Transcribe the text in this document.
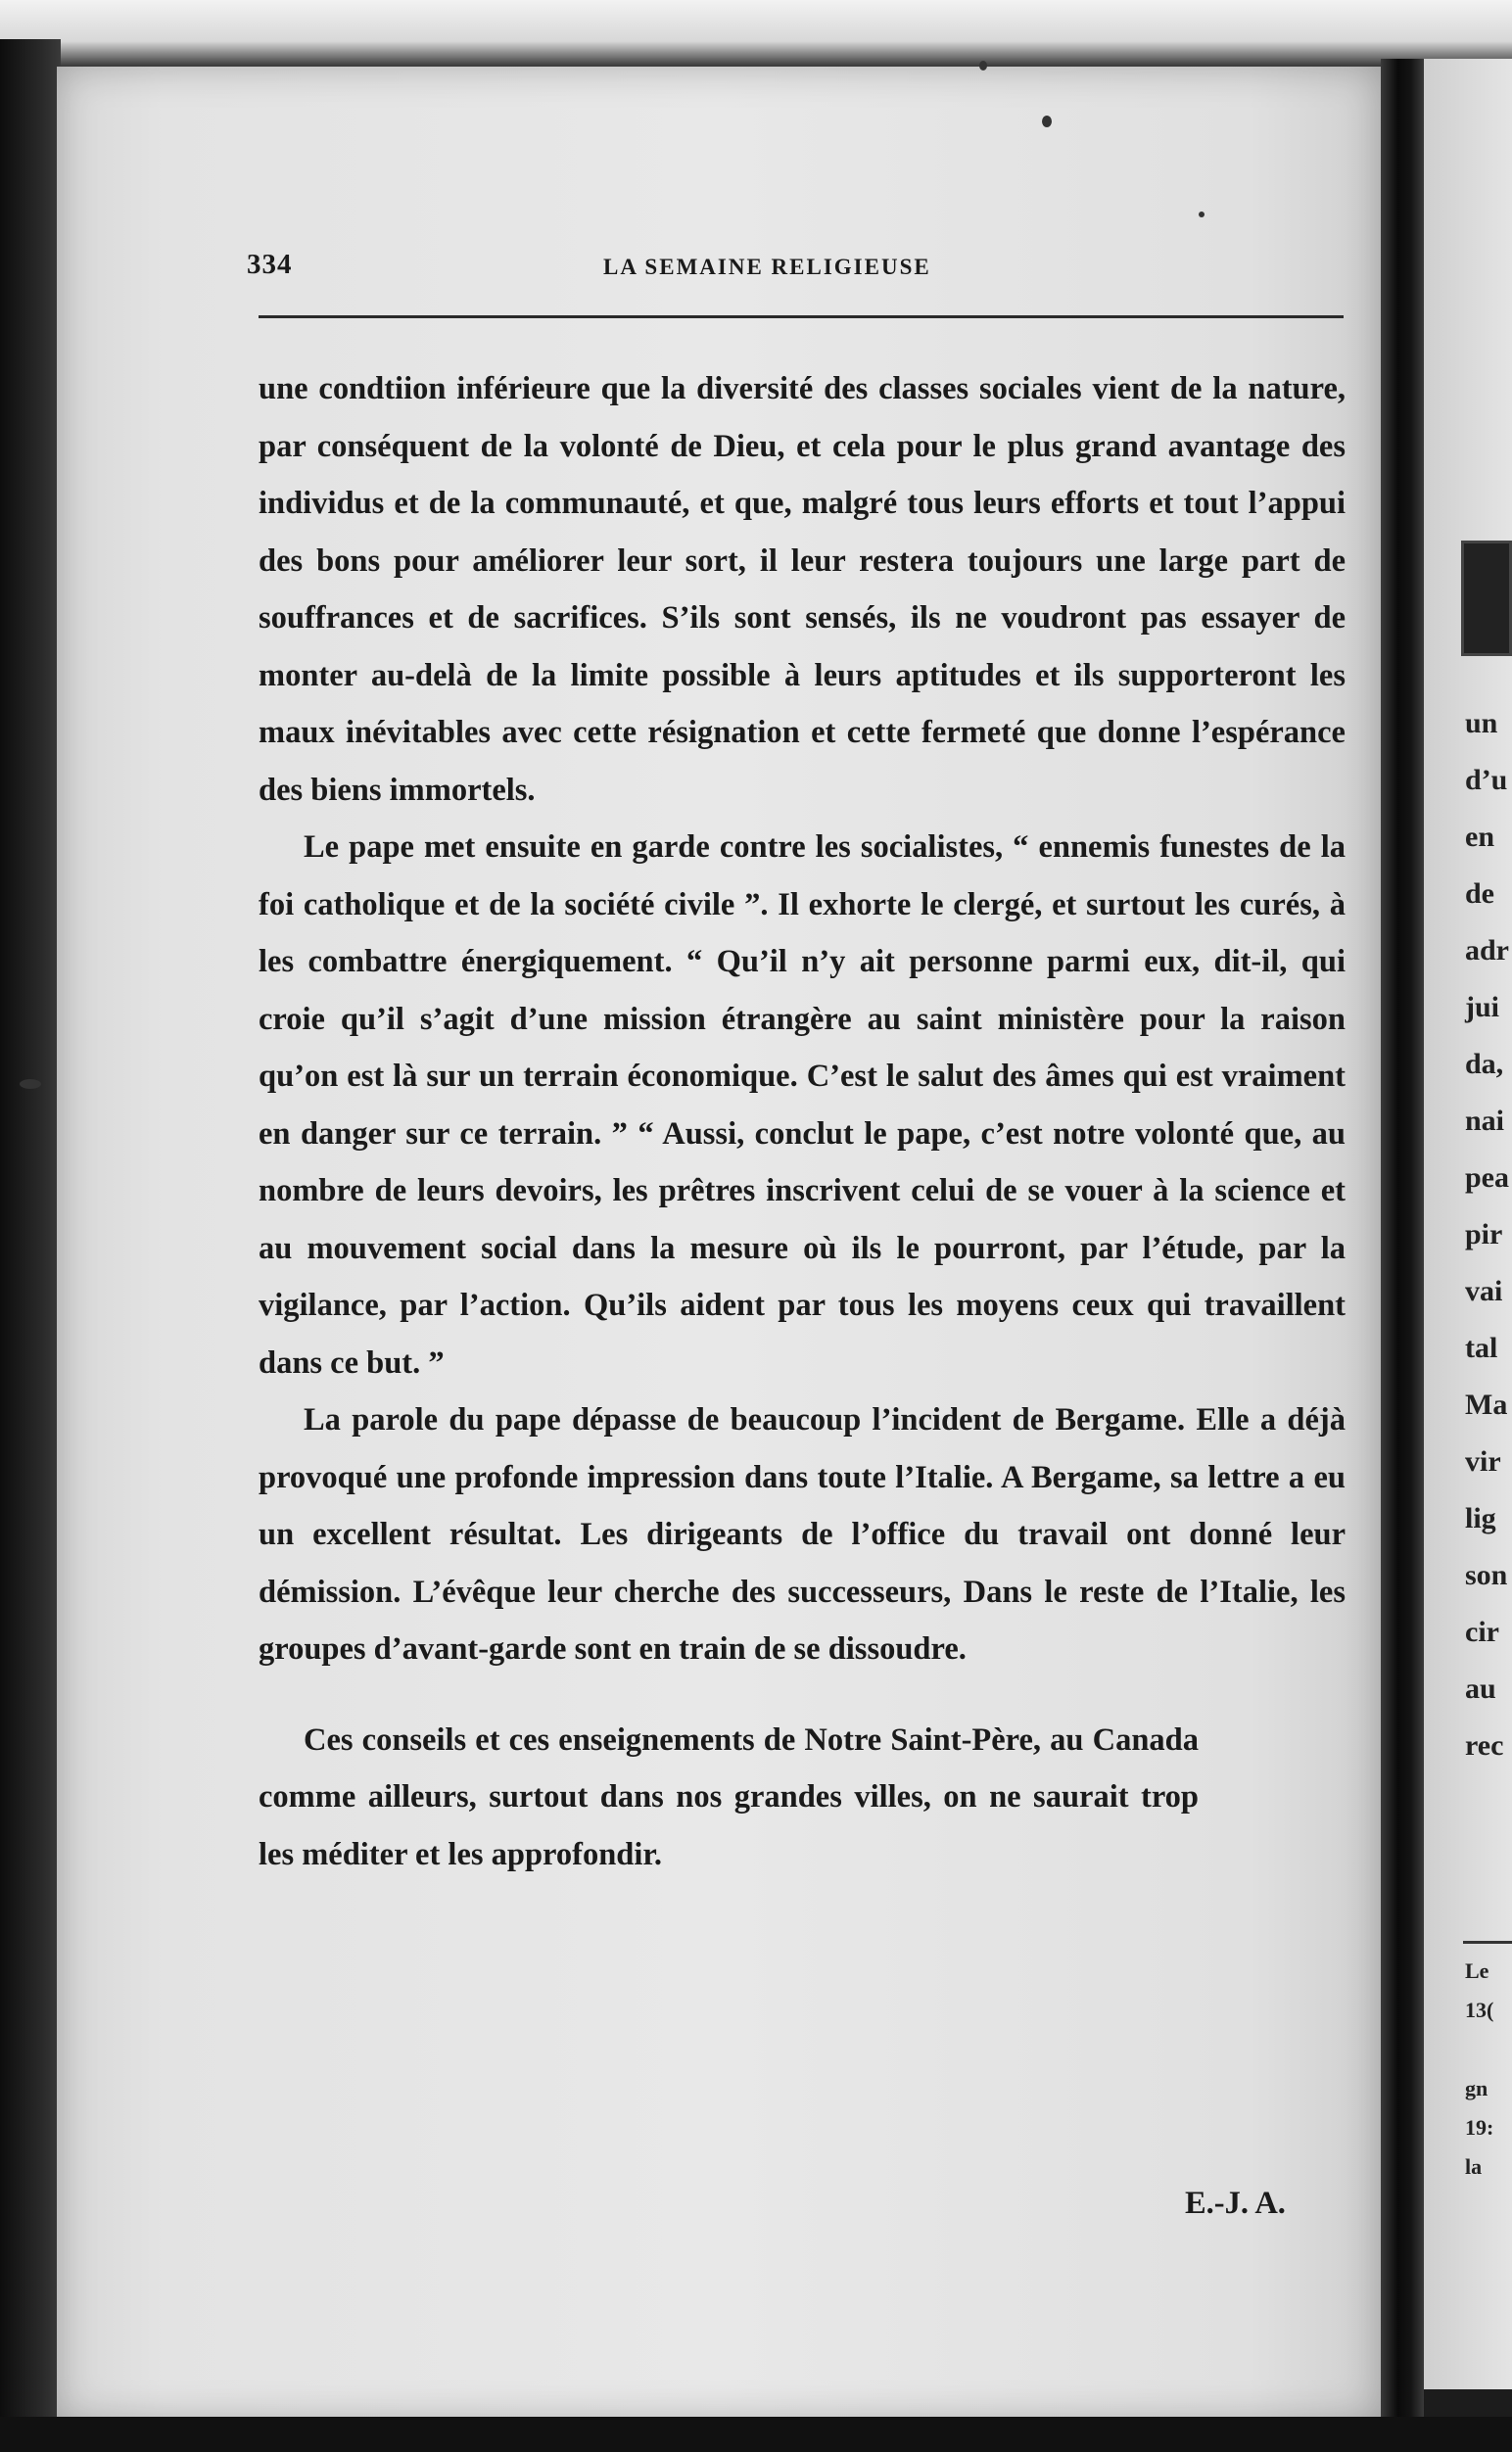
334	LA SEMAINE RELIGIEUSE

une condtiion inférieure que la diversité des classes sociales vient de la nature, par conséquent de la volonté de Dieu, et cela pour le plus grand avantage des individus et de la communauté, et que, malgré tous leurs efforts et tout l’appui des bons pour améliorer leur sort, il leur restera toujours une large part de souffrances et de sacrifices. S’ils sont sensés, ils ne voudront pas essayer de monter au-delà de la limite possible à leurs aptitudes et ils supporteront les maux inévitables avec cette résignation et cette fermeté que donne l’espérance des biens immortels.

Le pape met ensuite en garde contre les socialistes, “ ennemis funestes de la foi catholique et de la société civile ”. Il exhorte le clergé, et surtout les curés, à les combattre énergiquement. “ Qu’il n’y ait personne parmi eux, dit-il, qui croie qu’il s’agit d’une mission étrangère au saint ministère pour la raison qu’on est là sur un terrain économique. C’est le salut des âmes qui est vraiment en danger sur ce terrain. ” “ Aussi, conclut le pape, c’est notre volonté que, au nombre de leurs devoirs, les prêtres inscrivent celui de se vouer à la science et au mouvement social dans la mesure où ils le pourront, par l’étude, par la vigilance, par l’action. Qu’ils aident par tous les moyens ceux qui travaillent dans ce but. ”

La parole du pape dépasse de beaucoup l’incident de Bergame. Elle a déjà provoqué une profonde impression dans toute l’Italie. A Bergame, sa lettre a eu un excellent résultat. Les dirigeants de l’office du travail ont donné leur démission. L’évêque leur cherche des successeurs, Dans le reste de l’Italie, les groupes d’avant-garde sont en train de se dissoudre.

Ces conseils et ces enseignements de Notre Saint-Père, au Canada comme ailleurs, surtout dans nos grandes villes, on ne saurait trop les méditer et les approfondir.

E.-J. A.
un
d’u
en
de
adr
jui
da,
nai
pea
pir
vai
tal
Ma
vir
lig
son
cir
au
rec
Le
13(
gn
19:
la
